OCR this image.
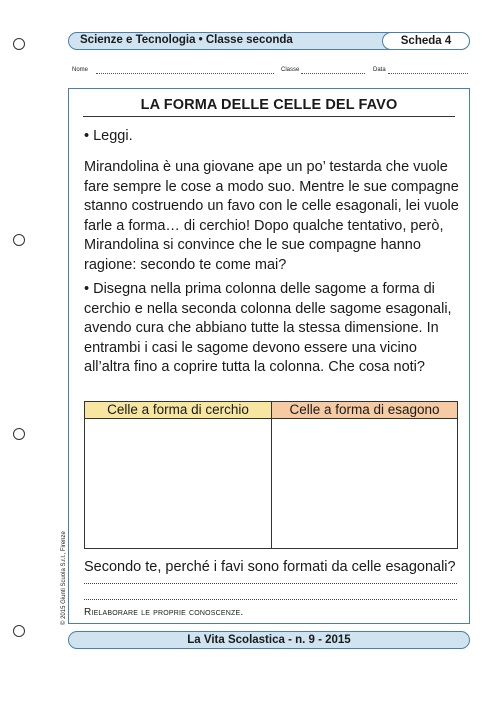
Scienze e Tecnologia • Classe seconda	Scheda 4
Nome	Classe	Data
LA FORMA DELLE CELLE DEL FAVO
• Leggi.
Mirandolina è una giovane ape un po’ testarda che vuole fare sempre le cose a modo suo. Mentre le sue compagne stanno costruendo un favo con le celle esagonali, lei vuole farle a forma… di cerchio! Dopo qualche tentativo, però, Mirandolina si convince che le sue compagne hanno ragione: secondo te come mai?
• Disegna nella prima colonna delle sagome a forma di cerchio e nella seconda colonna delle sagome esagonali, avendo cura che abbiano tutte la stessa dimensione. In entrambi i casi le sagome devono essere una vicino all’altra fino a coprire tutta la colonna. Che cosa noti?
Celle a forma di cerchio	Celle a forma di esagono
Secondo te, perché i favi sono formati da celle esagonali?
Rielaborare le proprie conoscenze.
© 2015 Giunti Scuola S.r.l., Firenze
La Vita Scolastica - n. 9 - 2015
